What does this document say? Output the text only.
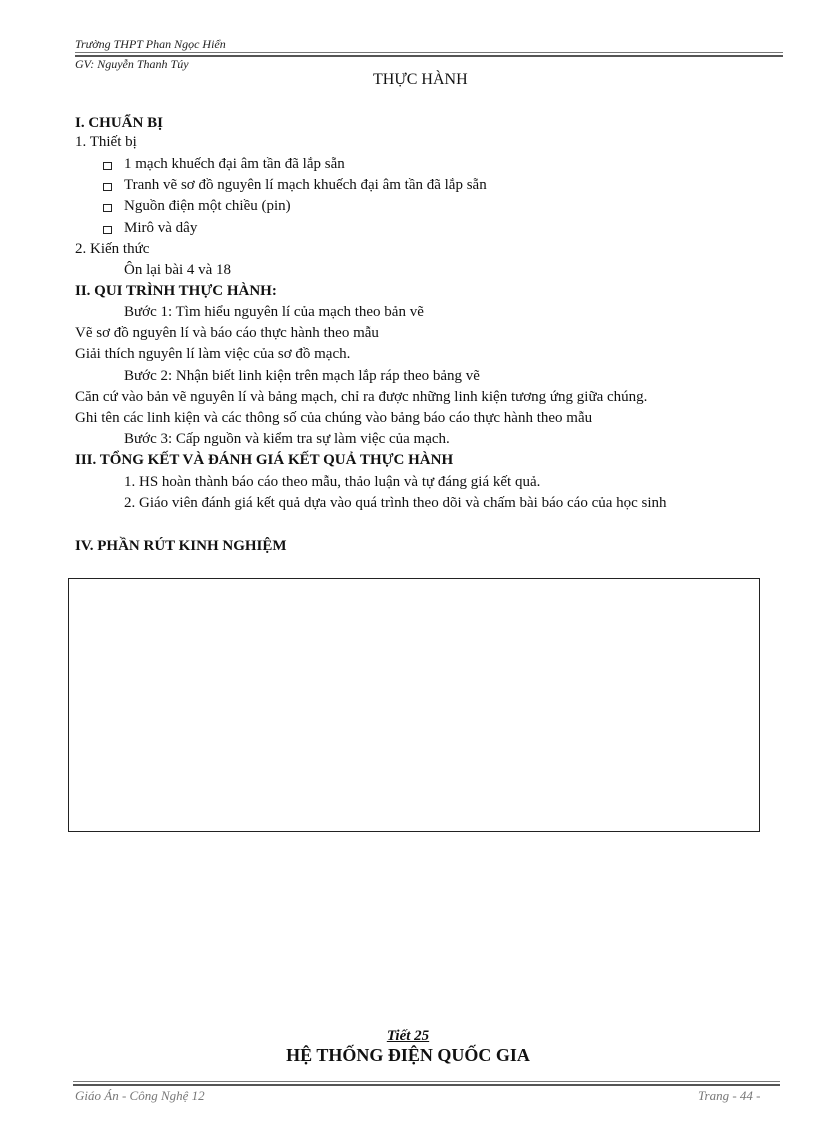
Trường THPT Phan Ngọc Hiển
GV: Nguyễn Thanh Túy
THỰC HÀNH
I. CHUẨN BỊ
1. Thiết bị
1 mạch khuếch đại âm tần đã lắp sẵn
Tranh vẽ sơ đồ nguyên lí mạch khuếch đại âm tần đã lắp sẵn
Nguồn điện một chiều (pin)
Mirô và dây
2. Kiến thức
Ôn lại bài 4 và 18
II. QUI TRÌNH THỰC HÀNH:
Bước 1: Tìm hiểu nguyên lí của mạch theo bản vẽ
Vẽ sơ đồ nguyên lí và báo cáo thực hành theo mẫu
Giải thích nguyên lí làm việc của sơ đồ mạch.
Bước 2: Nhận biết linh kiện trên mạch lắp ráp theo bảng vẽ
Căn cứ vào bản vẽ nguyên lí và bảng mạch, chỉ ra được những linh kiện tương ứng giữa chúng.
Ghi tên các linh kiện và các thông số của chúng vào bảng báo cáo thực hành theo mẫu
Bước 3: Cấp nguồn và kiểm tra sự làm việc của mạch.
III. TỔNG KẾT VÀ ĐÁNH GIÁ KẾT QUẢ THỰC HÀNH
1. HS hoàn thành báo cáo theo mẫu, thảo luận và tự đáng giá kết quả.
2. Giáo viên đánh giá kết quả dựa vào quá trình theo dõi và chấm bài báo cáo của học sinh
IV. PHẦN RÚT KINH NGHIỆM
Tiết 25
HỆ THỐNG ĐIỆN QUỐC GIA
Giáo Án - Công Nghệ 12	Trang - 44 -
